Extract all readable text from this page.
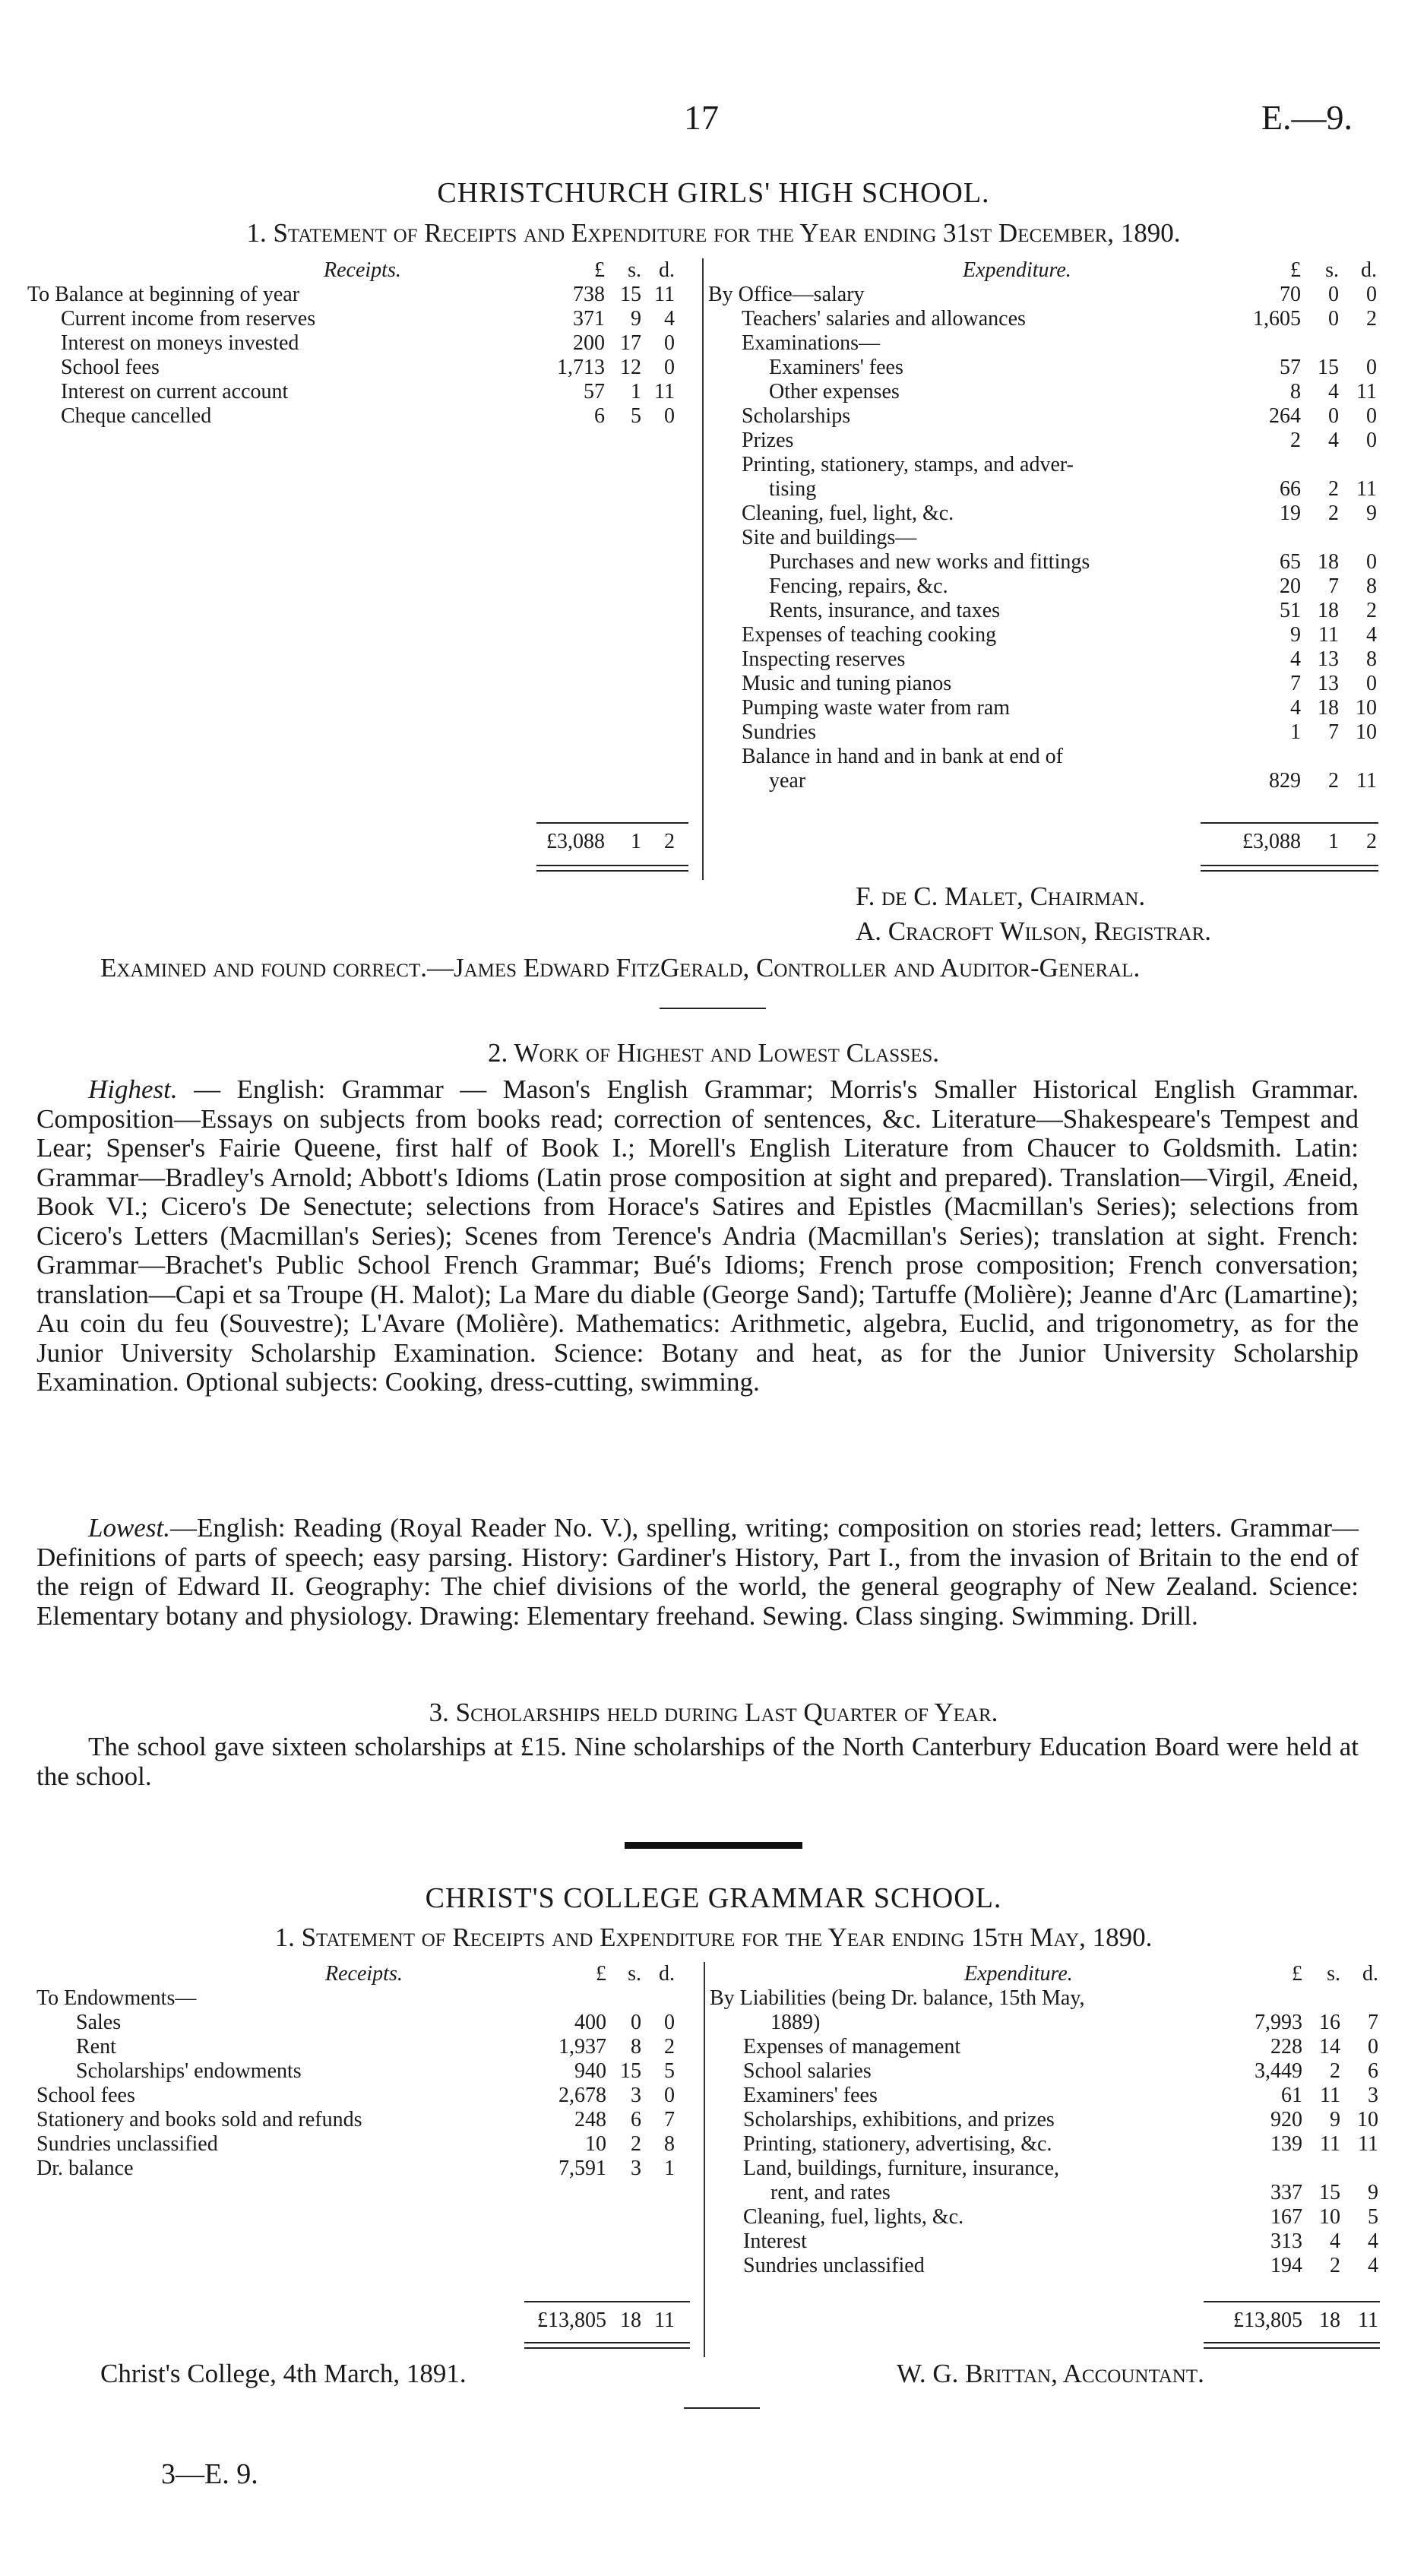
17	E.—9.
CHRISTCHURCH GIRLS' HIGH SCHOOL.
1. Statement of Receipts and Expenditure for the Year ending 31st December, 1890.
Receipts.	£	s. d.
To Balance at beginning of year	738 15 11
Current income from reserves	371	9	4
Interest on moneys invested	200 17	0
School fees	1,713 12	0
Interest on current account	57	1 11
Cheque cancelled	6	5	0
Expenditure.	£	s.	d.
By Office—salary	70	0	0
Teachers' salaries and allowances	1,605	0	2
Examinations—
Examiners' fees	57 15	0
Other expenses	8	4 11
Scholarships	264	0	0
Prizes	2	4	0
Printing, stationery, stamps, and adver-
tising	66	2 11
Cleaning, fuel, light, &c.	19	2	9
Site and buildings—
Purchases and new works and fittings	65 18	0
Fencing, repairs, &c.	20	7	8
Rents, insurance, and taxes	51 18	2
Expenses of teaching cooking	9 11	4
Inspecting reserves	4 13	8
Music and tuning pianos	7 13	0
Pumping waste water from ram	4 18 10
Sundries	1	7 10
Balance in hand and in bank at end of
year	829	2 11
£3,088	1	2	£3,088	1	2
F. de C. Malet, Chairman.
A. Cracroft Wilson, Registrar.
Examined and found correct.—James Edward FitzGerald, Controller and Auditor-General.
2. Work of Highest and Lowest Classes.
Highest. — English: Grammar — Mason's English Grammar; Morris's Smaller Historical English Grammar. Composition—Essays on subjects from books read; correction of sentences, &c. Literature—Shakespeare's Tempest and Lear; Spenser's Fairie Queene, first half of Book I.; Morell's English Literature from Chaucer to Goldsmith. Latin: Grammar—Bradley's Arnold; Abbott's Idioms (Latin prose composition at sight and prepared). Translation—Virgil, Æneid, Book VI.; Cicero's De Senectute; selections from Horace's Satires and Epistles (Macmillan's Series); selections from Cicero's Letters (Macmillan's Series); Scenes from Terence's Andria (Macmillan's Series); translation at sight. French: Grammar—Brachet's Public School French Grammar; Bué's Idioms; French prose composition; French conversation; translation—Capi et sa Troupe (H. Malot); La Mare du diable (George Sand); Tartuffe (Molière); Jeanne d'Arc (Lamartine); Au coin du feu (Souvestre); L'Avare (Molière). Mathematics: Arithmetic, algebra, Euclid, and trigonometry, as for the Junior University Scholarship Examination. Science: Botany and heat, as for the Junior University Scholarship Examination. Optional subjects: Cooking, dress-cutting, swimming.
Lowest.—English: Reading (Royal Reader No. V.), spelling, writing; composition on stories read; letters. Grammar—Definitions of parts of speech; easy parsing. History: Gardiner's History, Part I., from the invasion of Britain to the end of the reign of Edward II. Geography: The chief divisions of the world, the general geography of New Zealand. Science: Elementary botany and physiology. Drawing: Elementary freehand. Sewing. Class singing. Swimming. Drill.
3. Scholarships held during Last Quarter of Year.
The school gave sixteen scholarships at £15. Nine scholarships of the North Canterbury Education Board were held at the school.
CHRIST'S COLLEGE GRAMMAR SCHOOL.
1. Statement of Receipts and Expenditure for the Year ending 15th May, 1890.
Receipts.	£	s. d.
To Endowments—
Sales	400	0	0
Rent	1,937	8	2
Scholarships' endowments	940 15	5
School fees	2,678	3	0
Stationery and books sold and refunds	248	6	7
Sundries unclassified	10	2	8
Dr. balance	7,591	3	1
Expenditure.	£	s.	d.
By Liabilities (being Dr. balance, 15th May,
1889)	7,993 16	7
Expenses of management	228 14	0
School salaries	3,449	2	6
Examiners' fees	61 11	3
Scholarships, exhibitions, and prizes	920	9 10
Printing, stationery, advertising, &c.	139 11 11
Land, buildings, furniture, insurance,
rent, and rates	337 15	9
Cleaning, fuel, lights, &c.	167 10	5
Interest	313	4	4
Sundries unclassified	194	2	4
£13,805 18 11	£13,805 18 11
Christ's College, 4th March, 1891.	W. G. Brittan, Accountant.
3—E. 9.
